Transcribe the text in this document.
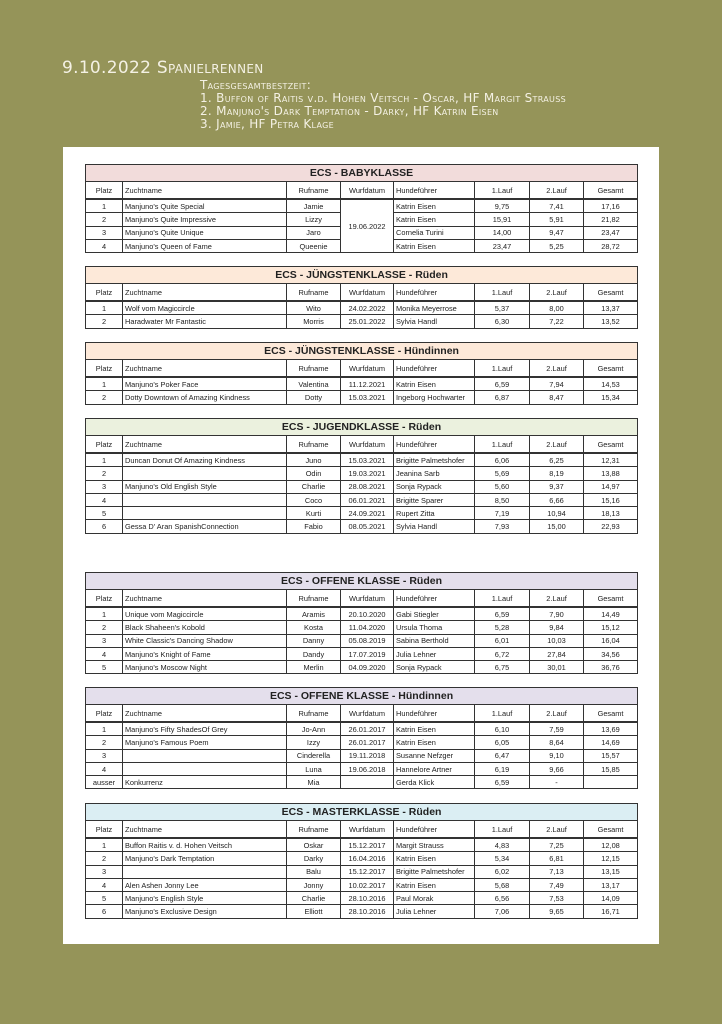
9.10.2022 Spanielrennen
Tagesgesamtbestzeit:
1. Buffon of Raitis v.d. Hohen Veitsch - Oscar, HF Margit Strauss
2. Manjuno's Dark Temptation - Darky, HF Katrin Eisen
3. Jamie, HF Petra Klage
ECS - BABYKLASSE							
Platz	Zuchtname	Rufname	Wurfdatum	Hundeführer	1.Lauf	2.Lauf	Gesamt
1	Manjuno's Quite Special	Jamie	19.06.2022	Katrin Eisen	9,75	7,41	17,16
2	Manjuno's Quite Impressive	Lizzy		Katrin Eisen	15,91	5,91	21,82
3	Manjuno's Quite Unique	Jaro		Cornelia Turini	14,00	9,47	23,47
4	Manjuno's Queen of Fame	Queenie		Katrin Eisen	23,47	5,25	28,72
ECS - JÜNGSTENKLASSE - Rüden							
Platz	Zuchtname	Rufname	Wurfdatum	Hundeführer	1.Lauf	2.Lauf	Gesamt
1	Wolf vom Magiccircle	Wito	24.02.2022	Monika Meyerrose	5,37	8,00	13,37
2	Haradwater Mr Fantastic	Morris	25.01.2022	Sylvia Handl	6,30	7,22	13,52
ECS - JÜNGSTENKLASSE - Hündinnen							
Platz	Zuchtname	Rufname	Wurfdatum	Hundeführer	1.Lauf	2.Lauf	Gesamt
1	Manjuno's Poker Face	Valentina	11.12.2021	Katrin Eisen	6,59	7,94	14,53
2	Dotty Downtown of Amazing Kindness	Dotty	15.03.2021	Ingeborg Hochwarter	6,87	8,47	15,34
ECS - JUGENDKLASSE - Rüden							
Platz	Zuchtname	Rufname	Wurfdatum	Hundeführer	1.Lauf	2.Lauf	Gesamt
1	Duncan Donut Of Amazing Kindness	Juno	15.03.2021	Brigitte Palmetshofer	6,06	6,25	12,31
2		Odin	19.03.2021	Jeanina Sarb	5,69	8,19	13,88
3	Manjuno's Old English Style	Charlie	28.08.2021	Sonja Rypack	5,60	9,37	14,97
4		Coco	06.01.2021	Brigitte Sparer	8,50	6,66	15,16
5		Kurti	24.09.2021	Rupert Zitta	7,19	10,94	18,13
6	Gessa D' Aran SpanishConnection	Fabio	08.05.2021	Sylvia Handl	7,93	15,00	22,93
ECS - OFFENE KLASSE - Rüden							
Platz	Zuchtname	Rufname	Wurfdatum	Hundeführer	1.Lauf	2.Lauf	Gesamt
1	Unique vom Magiccircle	Aramis	20.10.2020	Gabi Stiegler	6,59	7,90	14,49
2	Black Shaheen's Kobold	Kosta	11.04.2020	Ursula Thoma	5,28	9,84	15,12
3	White Classic's Dancing Shadow	Danny	05.08.2019	Sabina Berthold	6,01	10,03	16,04
4	Manjuno's Knight of Fame	Dandy	17.07.2019	Julia Lehner	6,72	27,84	34,56
5	Manjuno's Moscow Night	Merlin	04.09.2020	Sonja Rypack	6,75	30,01	36,76
ECS - OFFENE KLASSE - Hündinnen							
Platz	Zuchtname	Rufname	Wurfdatum	Hundeführer	1.Lauf	2.Lauf	Gesamt
1	Manjuno's Fifty ShadesOf Grey	Jo-Ann	26.01.2017	Katrin Eisen	6,10	7,59	13,69
2	Manjuno's Famous Poem	Izzy	26.01.2017	Katrin Eisen	6,05	8,64	14,69
3		Cinderella	19.11.2018	Susanne Nefzger	6,47	9,10	15,57
4		Luna	19.06.2018	Hannelore Artner	6,19	9,66	15,85
ausser	Konkurrenz	Mia		Gerda Klick	6,59	-	
ECS - MASTERKLASSE - Rüden							
Platz	Zuchtname	Rufname	Wurfdatum	Hundeführer	1.Lauf	2.Lauf	Gesamt
1	Buffon Raitis v. d. Hohen Veitsch	Oskar	15.12.2017	Margit Strauss	4,83	7,25	12,08
2	Manjuno's Dark Temptation	Darky	16.04.2016	Katrin Eisen	5,34	6,81	12,15
3		Balu	15.12.2017	Brigitte Palmetshofer	6,02	7,13	13,15
4	Alen Ashen Jonny Lee	Jonny	10.02.2017	Katrin Eisen	5,68	7,49	13,17
5	Manjuno's English Style	Charlie	28.10.2016	Paul Morak	6,56	7,53	14,09
6	Manjuno's Exclusive Design	Elliott	28.10.2016	Julia Lehner	7,06	9,65	16,71
